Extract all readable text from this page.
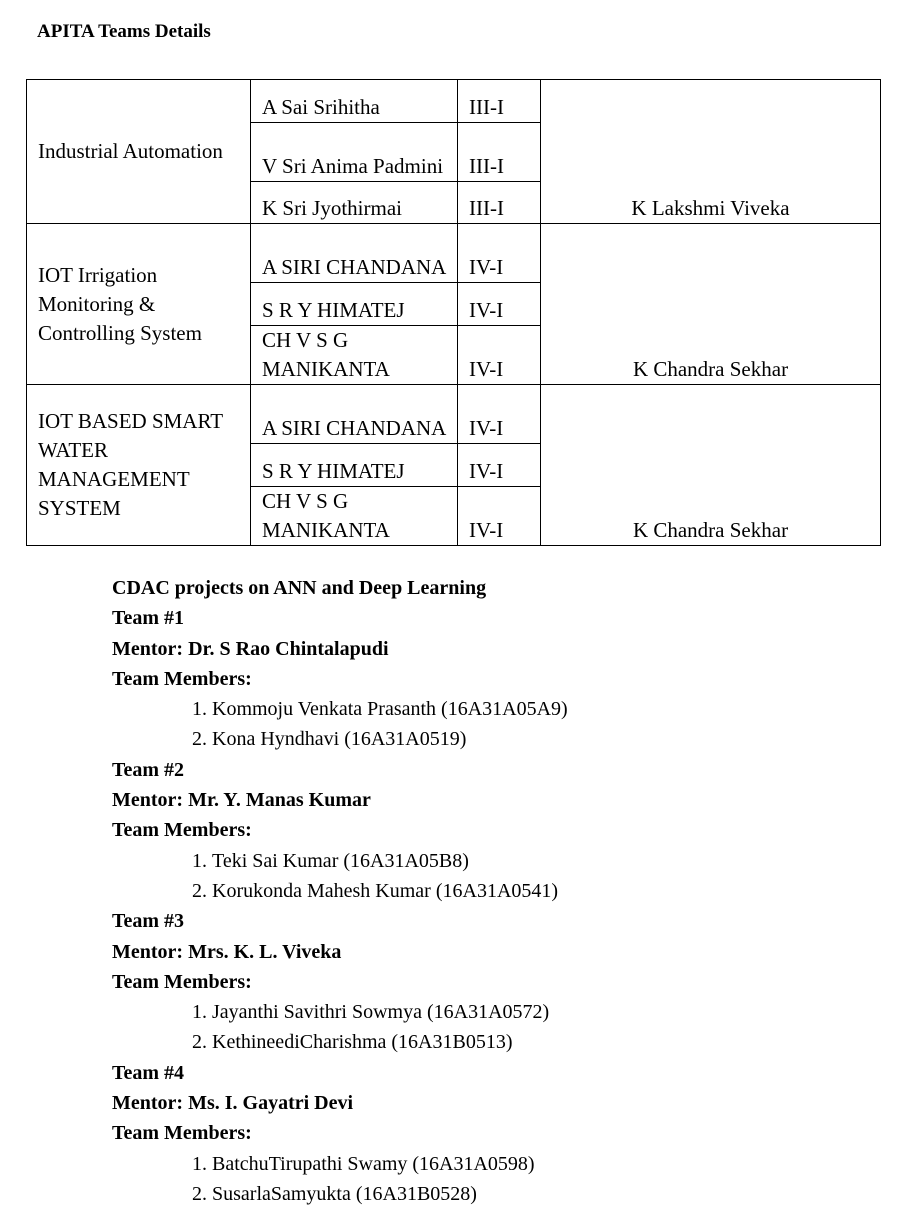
APITA Teams Details
Industrial Automation	A Sai Srihitha	III-I	K Lakshmi Viveka
	V Sri Anima Padmini	III-I	
	K Sri Jyothirmai	III-I	
IOT Irrigation Monitoring & Controlling System	A SIRI CHANDANA	IV-I	K Chandra Sekhar
	S R Y HIMATEJ	IV-I	
	CH V S G MANIKANTA	IV-I	
IOT BASED SMART WATER MANAGEMENT SYSTEM	A SIRI CHANDANA	IV-I	K Chandra Sekhar
	S R Y HIMATEJ	IV-I	
	CH V S G MANIKANTA	IV-I	
CDAC projects on ANN and Deep Learning
Team #1
Mentor: Dr. S Rao Chintalapudi
Team Members:
1. Kommoju Venkata Prasanth (16A31A05A9)
2. Kona Hyndhavi (16A31A0519)
Team #2
Mentor: Mr. Y. Manas Kumar
Team Members:
1. Teki Sai Kumar (16A31A05B8)
2. Korukonda Mahesh Kumar (16A31A0541)
Team #3
Mentor: Mrs. K. L. Viveka
Team Members:
1. Jayanthi Savithri Sowmya (16A31A0572)
2. KethineediCharishma (16A31B0513)
Team #4
Mentor: Ms. I. Gayatri Devi
Team Members:
1. BatchuTirupathi Swamy (16A31A0598)
2. SusarlaSamyukta (16A31B0528)
